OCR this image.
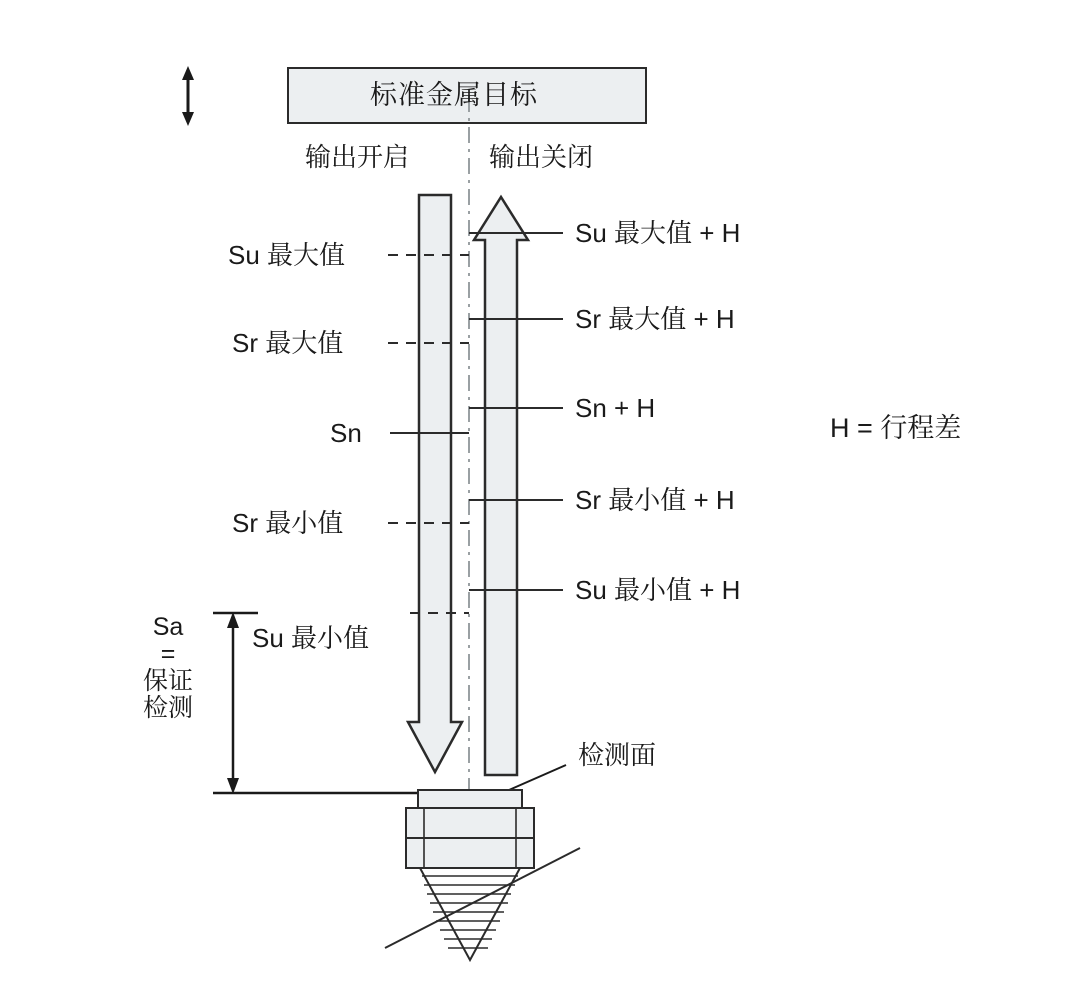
标准金属目标
输出开启	输出关闭
Su 最大值
Sr 最大值
Sn
Sr 最小值
Su 最小值
Su 最大值 + H
Sr 最大值 + H
Sn + H
Sr 最小值 + H
Su 最小值 + H
H = 行程差
Sa
=
保证
检测
检测面
